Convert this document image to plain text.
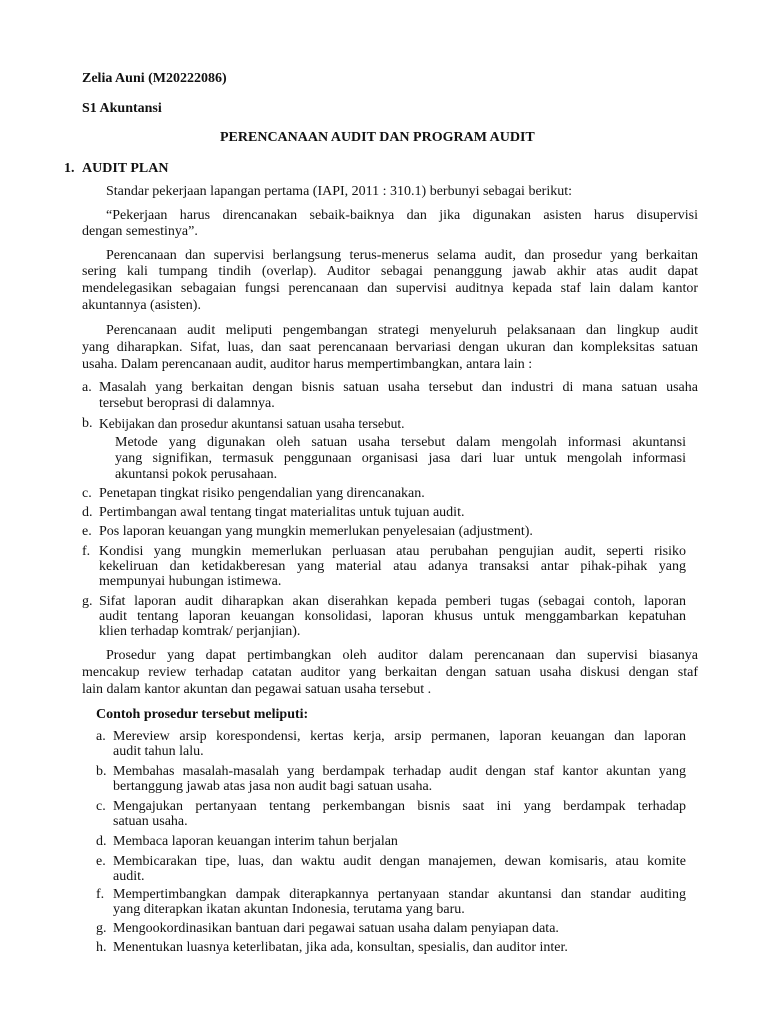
Zelia Auni (M20222086)
S1 Akuntansi
PERENCANAAN AUDIT DAN PROGRAM AUDIT
1. AUDIT PLAN
Standar pekerjaan lapangan pertama (IAPI, 2011 : 310.1) berbunyi sebagai berikut:
“Pekerjaan harus direncanakan sebaik-baiknya dan jika digunakan asisten harus disupervisi
dengan semestinya”.
Perencanaan dan supervisi berlangsung terus-menerus selama audit, dan prosedur yang berkaitan
sering kali tumpang tindih (overlap). Auditor sebagai penanggung jawab akhir atas audit dapat
mendelegasikan sebagaian fungsi perencanaan dan supervisi auditnya kepada staf lain dalam kantor
akuntannya (asisten).
Perencanaan audit meliputi pengembangan strategi menyeluruh pelaksanaan dan lingkup audit
yang diharapkan. Sifat, luas, dan saat perencanaan bervariasi dengan ukuran dan kompleksitas satuan
usaha. Dalam perencanaan audit, auditor harus mempertimbangkan, antara lain :
a. Masalah yang berkaitan dengan bisnis satuan usaha tersebut dan industri di mana satuan usaha
tersebut beroprasi di dalamnya.
b. Kebijakan dan prosedur akuntansi satuan usaha tersebut.
Metode yang digunakan oleh satuan usaha tersebut dalam mengolah informasi akuntansi
yang signifikan, termasuk penggunaan organisasi jasa dari luar untuk mengolah informasi
akuntansi pokok perusahaan.
c. Penetapan tingkat risiko pengendalian yang direncanakan.
d. Pertimbangan awal tentang tingat materialitas untuk tujuan audit.
e. Pos laporan keuangan yang mungkin memerlukan penyelesaian (adjustment).
f. Kondisi yang mungkin memerlukan perluasan atau perubahan pengujian audit, seperti risiko
kekeliruan dan ketidakberesan yang material atau adanya transaksi antar pihak-pihak yang
mempunyai hubungan istimewa.
g. Sifat laporan audit diharapkan akan diserahkan kepada pemberi tugas (sebagai contoh, laporan
audit tentang laporan keuangan konsolidasi, laporan khusus untuk menggambarkan kepatuhan
klien terhadap komtrak/ perjanjian).
Prosedur yang dapat pertimbangkan oleh auditor dalam perencanaan dan supervisi biasanya
mencakup review terhadap catatan auditor yang berkaitan dengan satuan usaha diskusi dengan staf
lain dalam kantor akuntan dan pegawai satuan usaha tersebut .
Contoh prosedur tersebut meliputi:
a. Mereview arsip korespondensi, kertas kerja, arsip permanen, laporan keuangan dan laporan
audit tahun lalu.
b. Membahas masalah-masalah yang berdampak terhadap audit dengan staf kantor akuntan yang
bertanggung jawab atas jasa non audit bagi satuan usaha.
c. Mengajukan pertanyaan tentang perkembangan bisnis saat ini yang berdampak terhadap
satuan usaha.
d. Membaca laporan keuangan interim tahun berjalan
e. Membicarakan tipe, luas, dan waktu audit dengan manajemen, dewan komisaris, atau komite
audit.
f. Mempertimbangkan dampak diterapkannya pertanyaan standar akuntansi dan standar auditing
yang diterapkan ikatan akuntan Indonesia, terutama yang baru.
g. Mengookordinasikan bantuan dari pegawai satuan usaha dalam penyiapan data.
h. Menentukan luasnya keterlibatan, jika ada, konsultan, spesialis, dan auditor inter.
